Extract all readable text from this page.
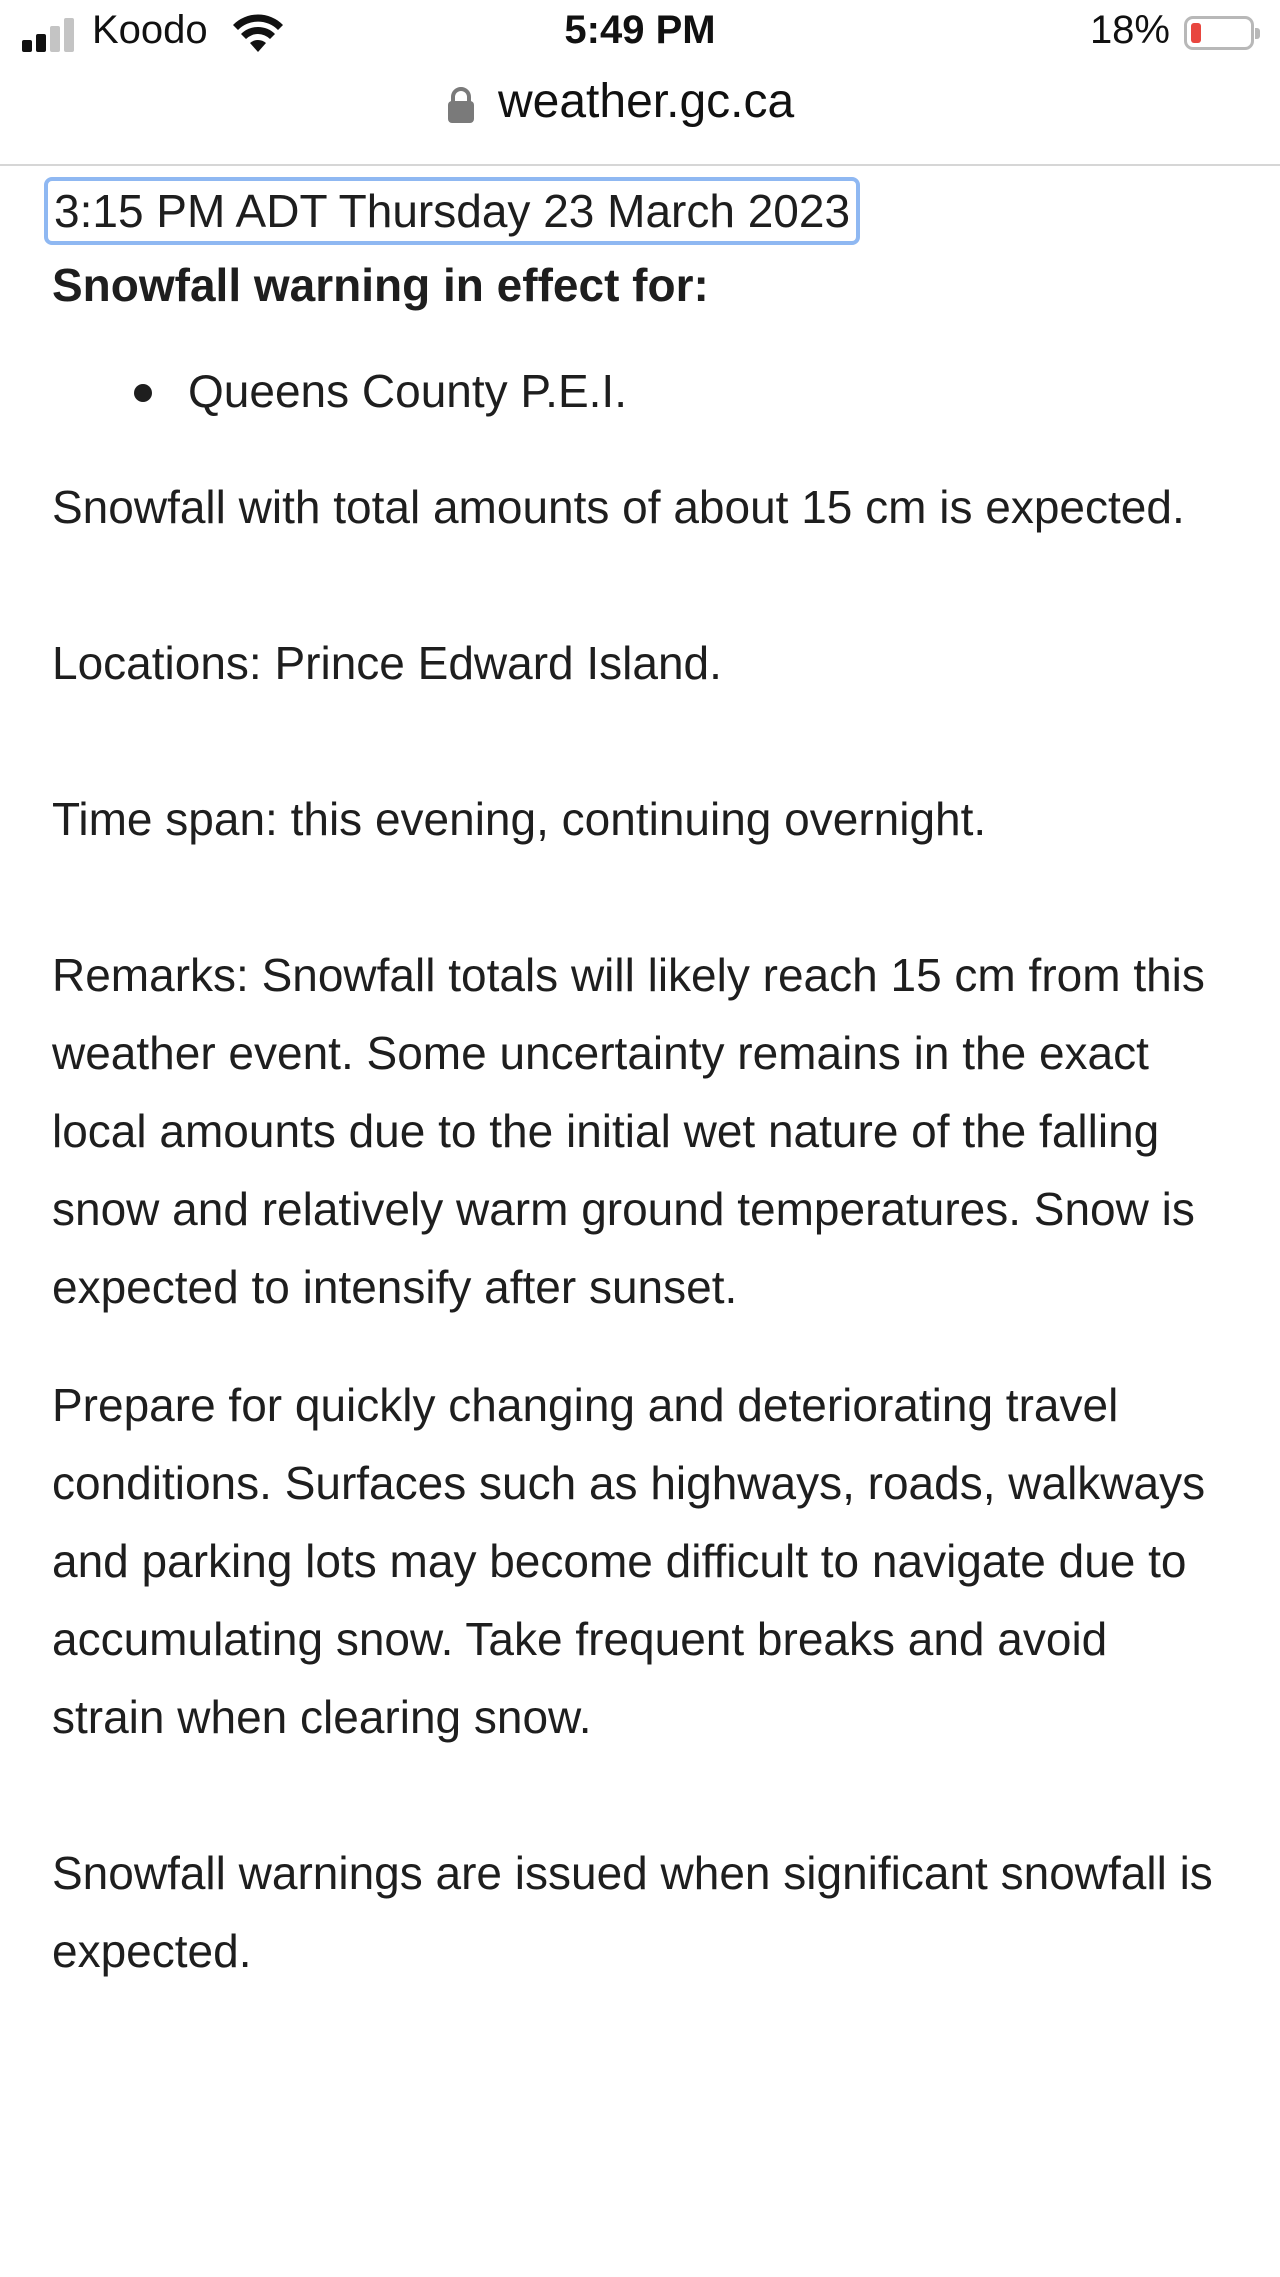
Koodo	5:49 PM	18%
weather.gc.ca
3:15 PM ADT Thursday 23 March 2023
Snowfall warning in effect for:
Queens County P.E.I.

Snowfall with total amounts of about 15 cm is expected.

Locations: Prince Edward Island.

Time span: this evening, continuing overnight.

Remarks: Snowfall totals will likely reach 15 cm from this weather event. Some uncertainty remains in the exact local amounts due to the initial wet nature of the falling snow and relatively warm ground temperatures. Snow is expected to intensify after sunset.

Prepare for quickly changing and deteriorating travel conditions. Surfaces such as highways, roads, walkways and parking lots may become difficult to navigate due to accumulating snow. Take frequent breaks and avoid strain when clearing snow.

Snowfall warnings are issued when significant snowfall is expected.
